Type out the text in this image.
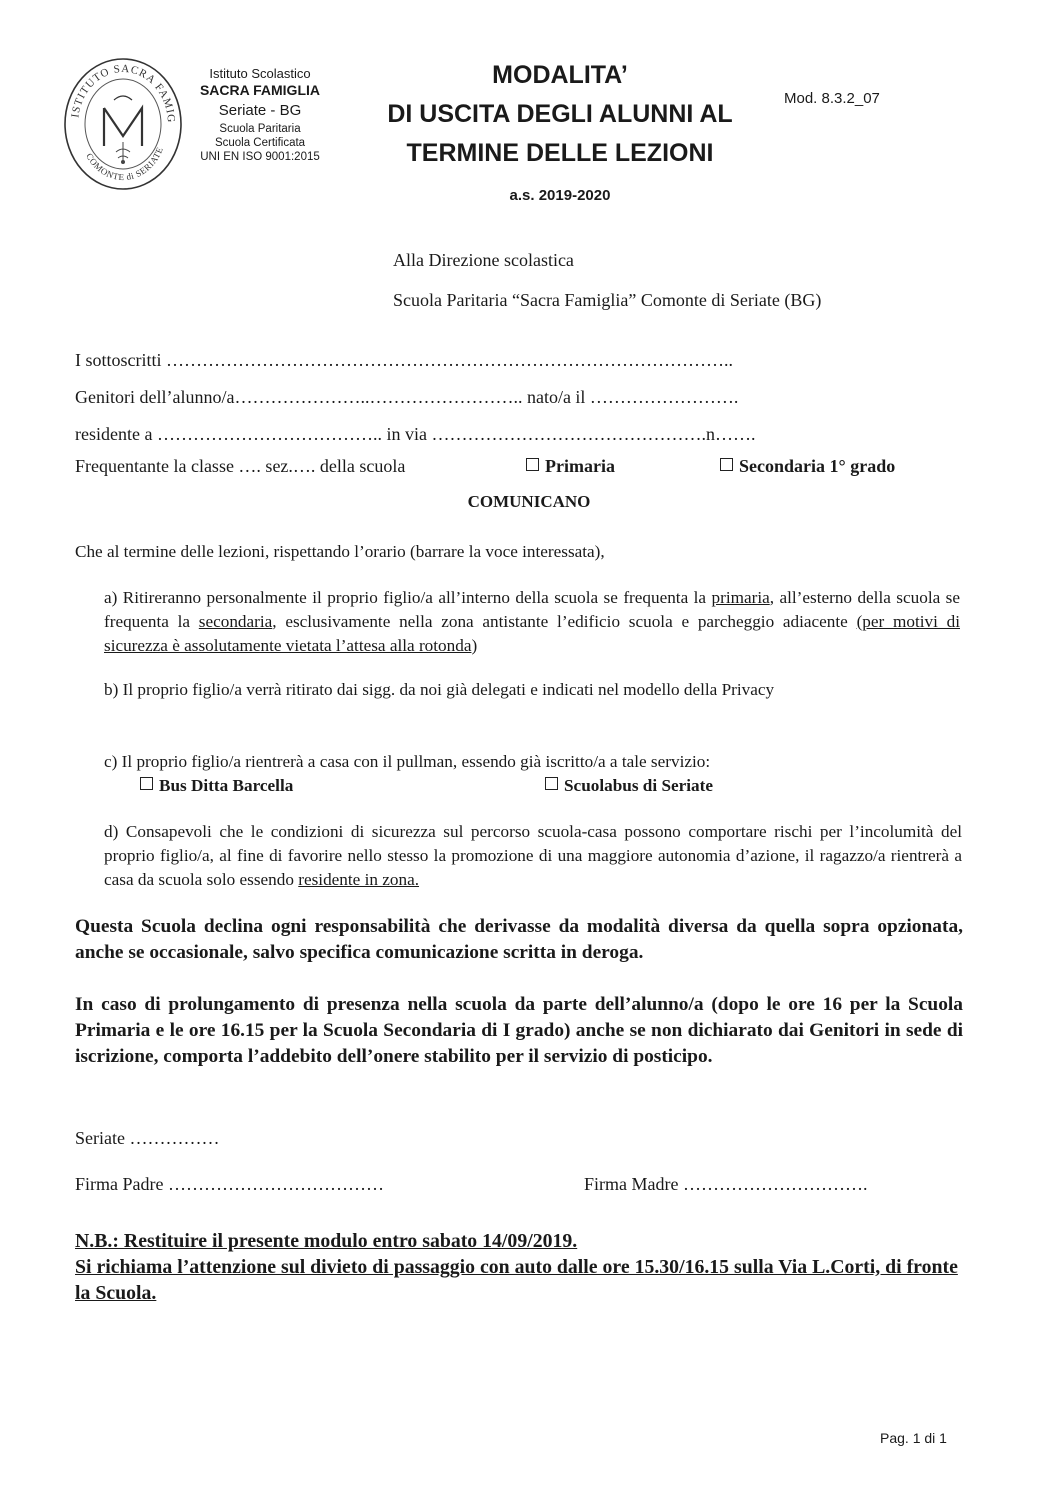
ISTITUTO SACRA FAMIG
COMONTE di SERIATE
Istituto Scolastico
SACRA FAMIGLIA
Seriate - BG
Scuola Paritaria
Scuola Certificata
UNI EN ISO 9001:2015
MODALITA’
DI USCITA DEGLI ALUNNI AL
TERMINE DELLE LEZIONI
a.s. 2019-2020
Mod. 8.3.2_07
Alla Direzione scolastica
Scuola Paritaria “Sacra Famiglia” Comonte di Seriate (BG)
I sottoscritti …………………………………………………………………………………..
Genitori dell’alunno/a…………………..…………………….. nato/a il …………………….
residente a ……………………………….. in via ……………………………………….n…….
Frequentante la classe …. sez.…. della scuola	Primaria	Secondaria 1° grado
COMUNICANO
Che al termine delle lezioni, rispettando l’orario (barrare la voce interessata),
a) Ritireranno personalmente il proprio figlio/a all’interno della scuola se frequenta la primaria, all’esterno della scuola se frequenta la secondaria, esclusivamente nella zona antistante l’edificio scuola e parcheggio adiacente (per motivi di sicurezza è assolutamente vietata l’attesa alla rotonda)
b) Il proprio figlio/a verrà ritirato dai sigg. da noi già delegati e indicati nel modello della Privacy
c) Il proprio figlio/a rientrerà a casa con il pullman, essendo già iscritto/a a tale servizio:
Bus Ditta Barcella	Scuolabus di Seriate
d) Consapevoli che le condizioni di sicurezza sul percorso scuola-casa possono comportare rischi per l’incolumità del proprio figlio/a, al fine di favorire nello stesso la promozione di una maggiore autonomia d’azione, il ragazzo/a rientrerà a casa da scuola solo essendo residente in zona.
Questa Scuola declina ogni responsabilità che derivasse da modalità diversa da quella sopra opzionata, anche se occasionale, salvo specifica comunicazione scritta in deroga.
In caso di prolungamento di presenza nella scuola da parte dell’alunno/a (dopo le ore 16 per la Scuola Primaria e le ore 16.15 per la Scuola Secondaria di I grado) anche se non dichiarato dai Genitori in sede di iscrizione, comporta l’addebito dell’onere stabilito per il servizio di posticipo.
Seriate ……………
Firma Padre ………………………………	Firma Madre ………………………….
N.B.: Restituire il presente modulo entro sabato 14/09/2019.
Si richiama l’attenzione sul divieto di passaggio con auto dalle ore 15.30/16.15 sulla Via L.Corti, di fronte la Scuola.
Pag. 1 di 1
